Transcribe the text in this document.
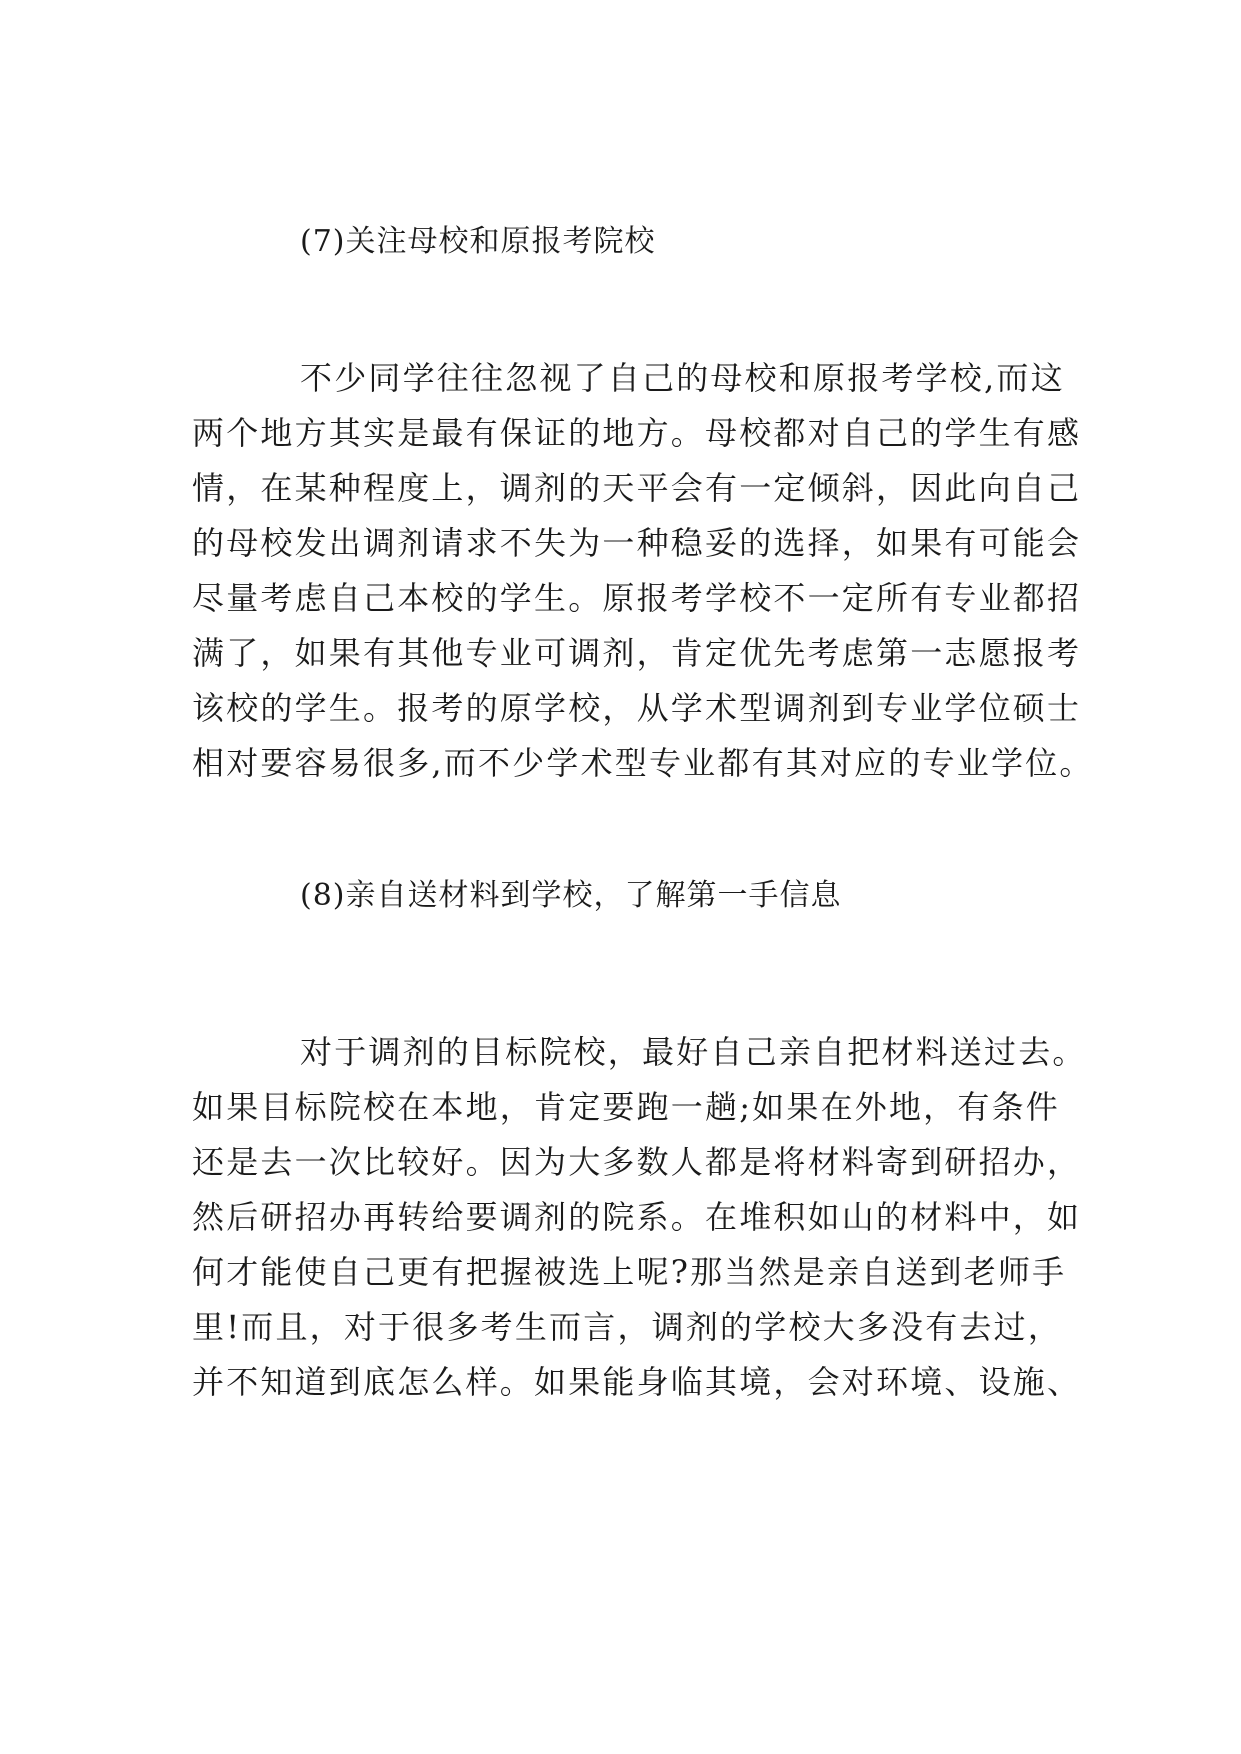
(7)关注母校和原报考院校
不少同学往往忽视了自己的母校和原报考学校,而这
两个地方其实是最有保证的地方。母校都对自己的学生有感
情，在某种程度上，调剂的天平会有一定倾斜，因此向自己
的母校发出调剂请求不失为一种稳妥的选择，如果有可能会
尽量考虑自己本校的学生。原报考学校不一定所有专业都招
满了，如果有其他专业可调剂，肯定优先考虑第一志愿报考
该校的学生。报考的原学校，从学术型调剂到专业学位硕士
相对要容易很多,而不少学术型专业都有其对应的专业学位。
(8)亲自送材料到学校，了解第一手信息
对于调剂的目标院校，最好自己亲自把材料送过去。
如果目标院校在本地，肯定要跑一趟;如果在外地，有条件
还是去一次比较好。因为大多数人都是将材料寄到研招办，
然后研招办再转给要调剂的院系。在堆积如山的材料中，如
何才能使自己更有把握被选上呢?那当然是亲自送到老师手
里!而且，对于很多考生而言，调剂的学校大多没有去过，
并不知道到底怎么样。如果能身临其境，会对环境、设施、
